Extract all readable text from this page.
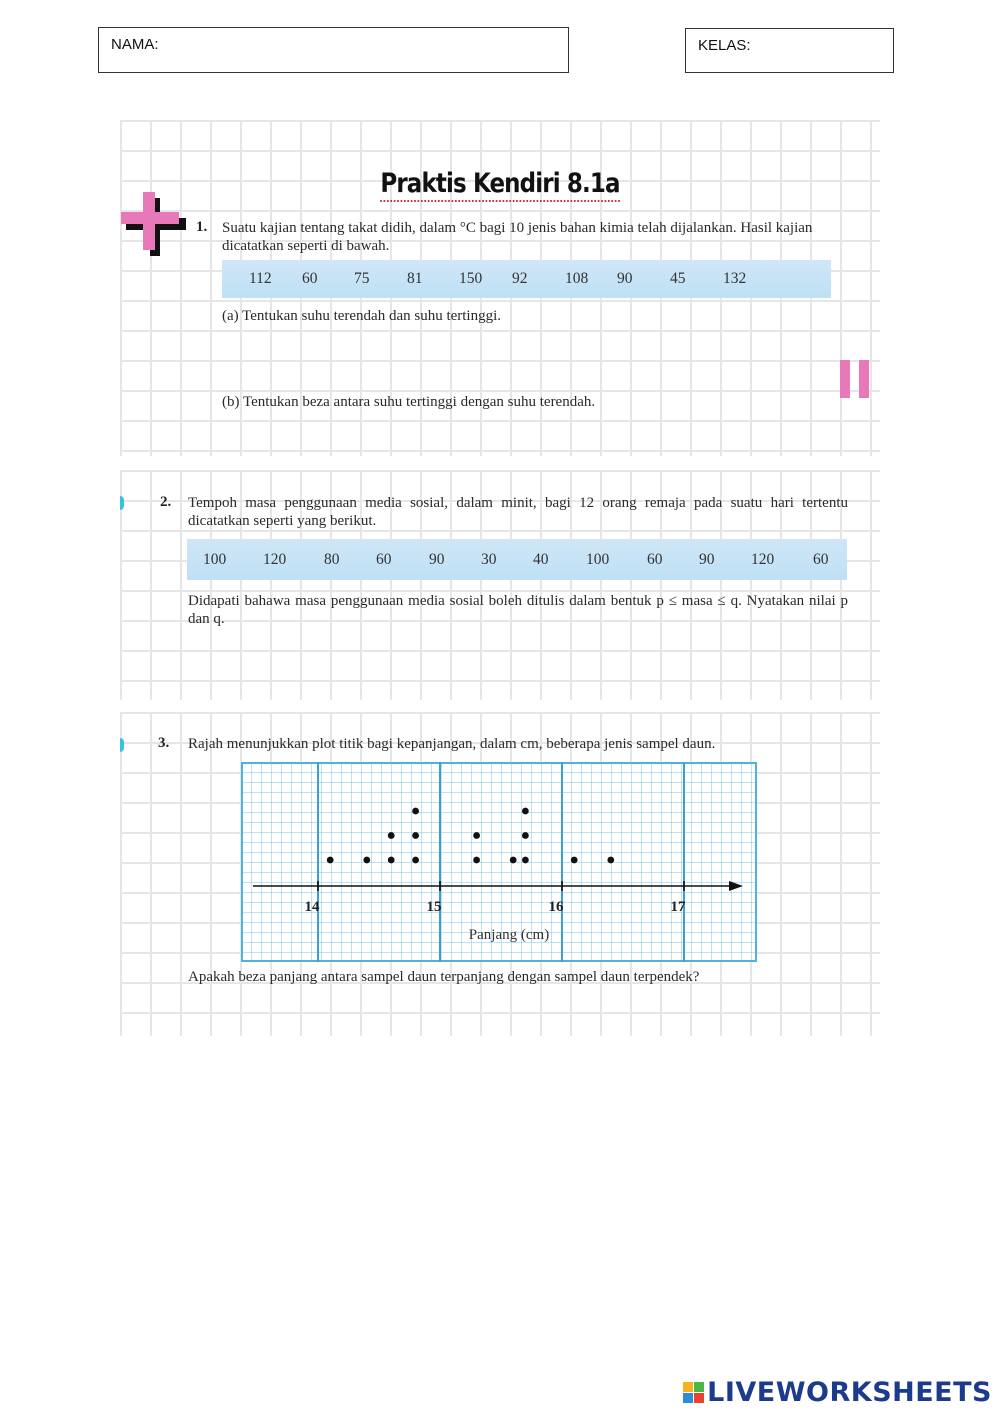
NAMA:	KELAS:
Praktis Kendiri 8.1a
1. Suatu kajian tentang takat didih, dalam °C bagi 10 jenis bahan kimia telah dijalankan. Hasil kajian dicatatkan seperti di bawah.
112 60 75 81 150 92 108 90 45 132
(a) Tentukan suhu terendah dan suhu tertinggi.
(b) Tentukan beza antara suhu tertinggi dengan suhu terendah.
2. Tempoh masa penggunaan media sosial, dalam minit, bagi 12 orang remaja pada suatu hari tertentu dicatatkan seperti yang berikut.
100 120 80 60 90 30 40 100 60 90 120	60
Didapati bahawa masa penggunaan media sosial boleh ditulis dalam bentuk p ≤ masa ≤ q. Nyatakan nilai p dan q.
3. Rajah menunjukkan plot titik bagi kepanjangan, dalam cm, beberapa jenis sampel daun.
14	15	16	17
Panjang (cm)
Apakah beza panjang antara sampel daun terpanjang dengan sampel daun terpendek?
LIVEWORKSHEETS
